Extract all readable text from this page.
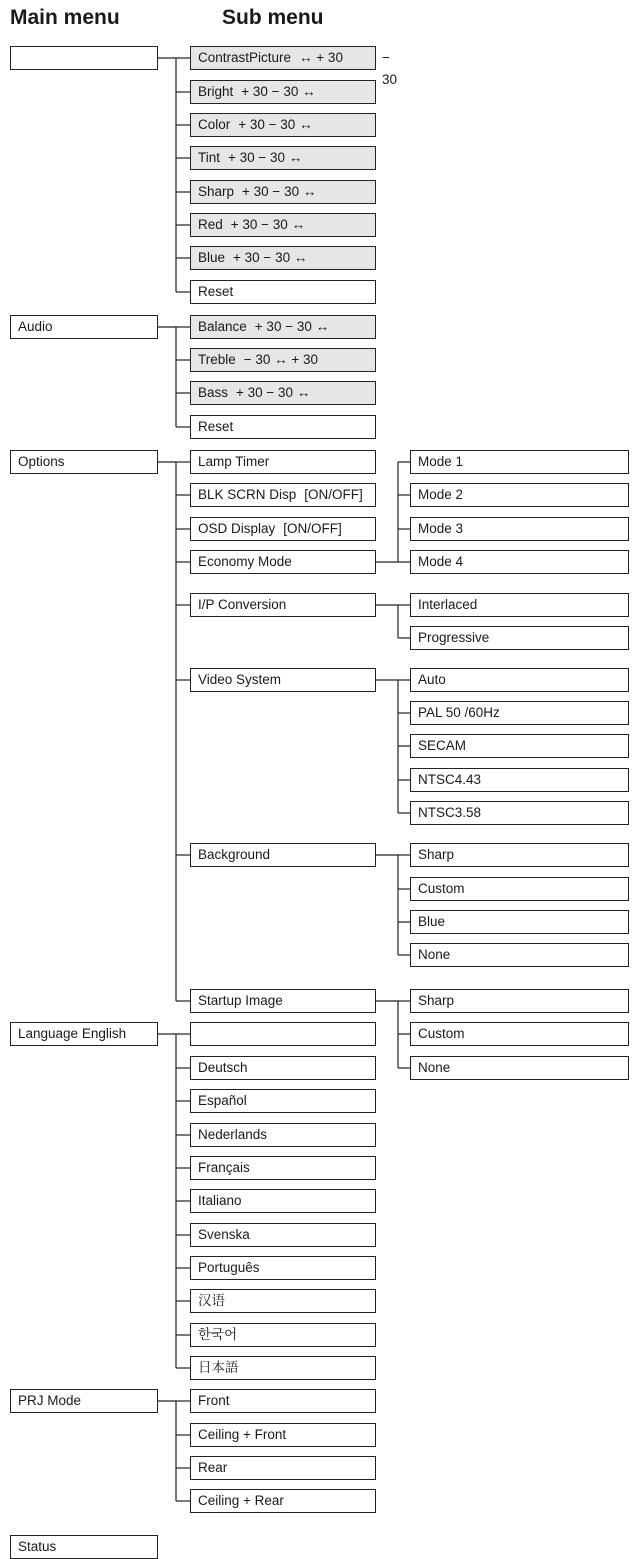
Main menu	Sub menu
Audio
Options
Language English
PRJ Mode
Status
ContrastPicture ↔ + 30
Bright + 30 − 30 ↔
Color + 30 − 30 ↔
Tint + 30 − 30 ↔
Sharp + 30 − 30 ↔
Red + 30 − 30 ↔
Blue + 30 − 30 ↔
Reset
− 30
Balance + 30 − 30 ↔
Treble − 30 ↔ + 30
Bass + 30 − 30 ↔
Reset
Lamp Timer
BLK SCRN Disp [ON/OFF]
OSD Display [ON/OFF]
Economy Mode
I/P Conversion
Video System
Background
Startup Image
Mode 1
Mode 2
Mode 3
Mode 4
Interlaced
Progressive
Auto
PAL 50 /60Hz
SECAM
NTSC4.43
NTSC3.58
Sharp
Custom
Blue
None
Sharp
Custom
None
Deutsch
Español
Nederlands
Français
Italiano
Svenska
Português
汉语
한국어
日本語
Front
Ceiling + Front
Rear
Ceiling + Rear
